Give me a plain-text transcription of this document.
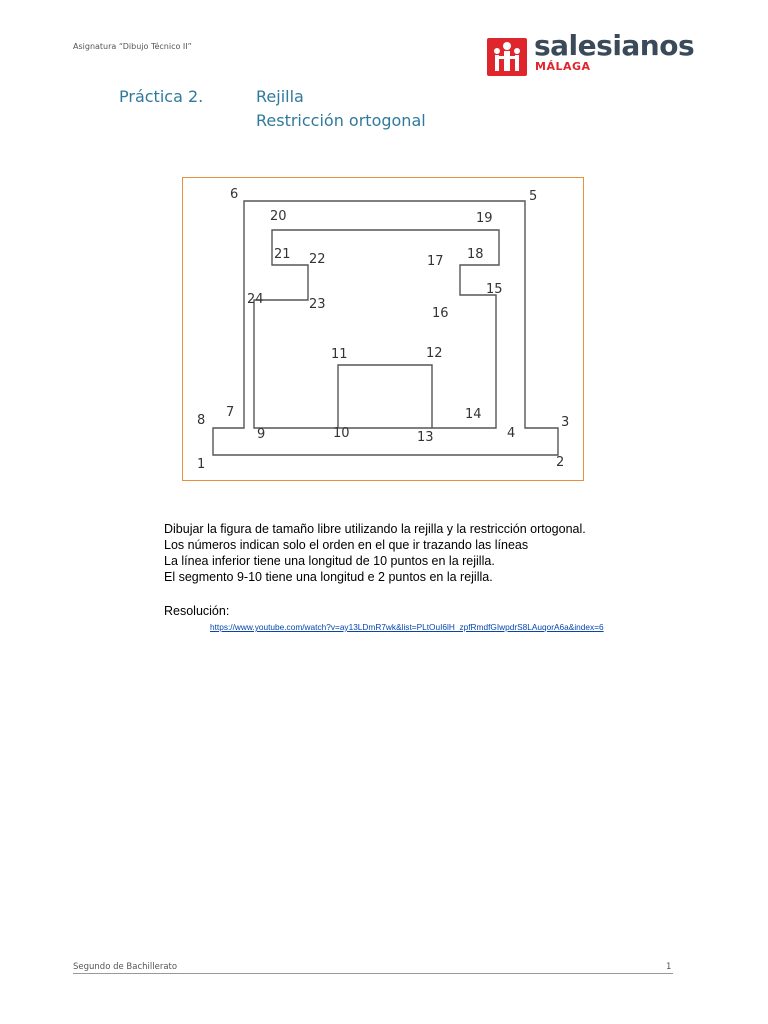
Asignatura “Dibujo Técnico II”	salesianos
MÁLAGA
Práctica 2.	Rejilla
Restricción ortogonal
1	2
3
4
5
6
7
8
9	10
11	12
13
14
15
16
17 18
19
20
21 22
23
24
Dibujar la figura de tamaño libre utilizando la rejilla y la restricción ortogonal.
Los números indican solo el orden en el que ir trazando las líneas
La línea inferior tiene una longitud de 10 puntos en la rejilla.
El segmento 9-10 tiene una longitud e 2 puntos en la rejilla.
Resolución:
https://www.youtube.com/watch?v=ay13LDmR7wk&list=PLtOuI6lH_zpfRmdfGIwpdrS8LAuqorA6a&index=6
Segundo de Bachillerato	1
